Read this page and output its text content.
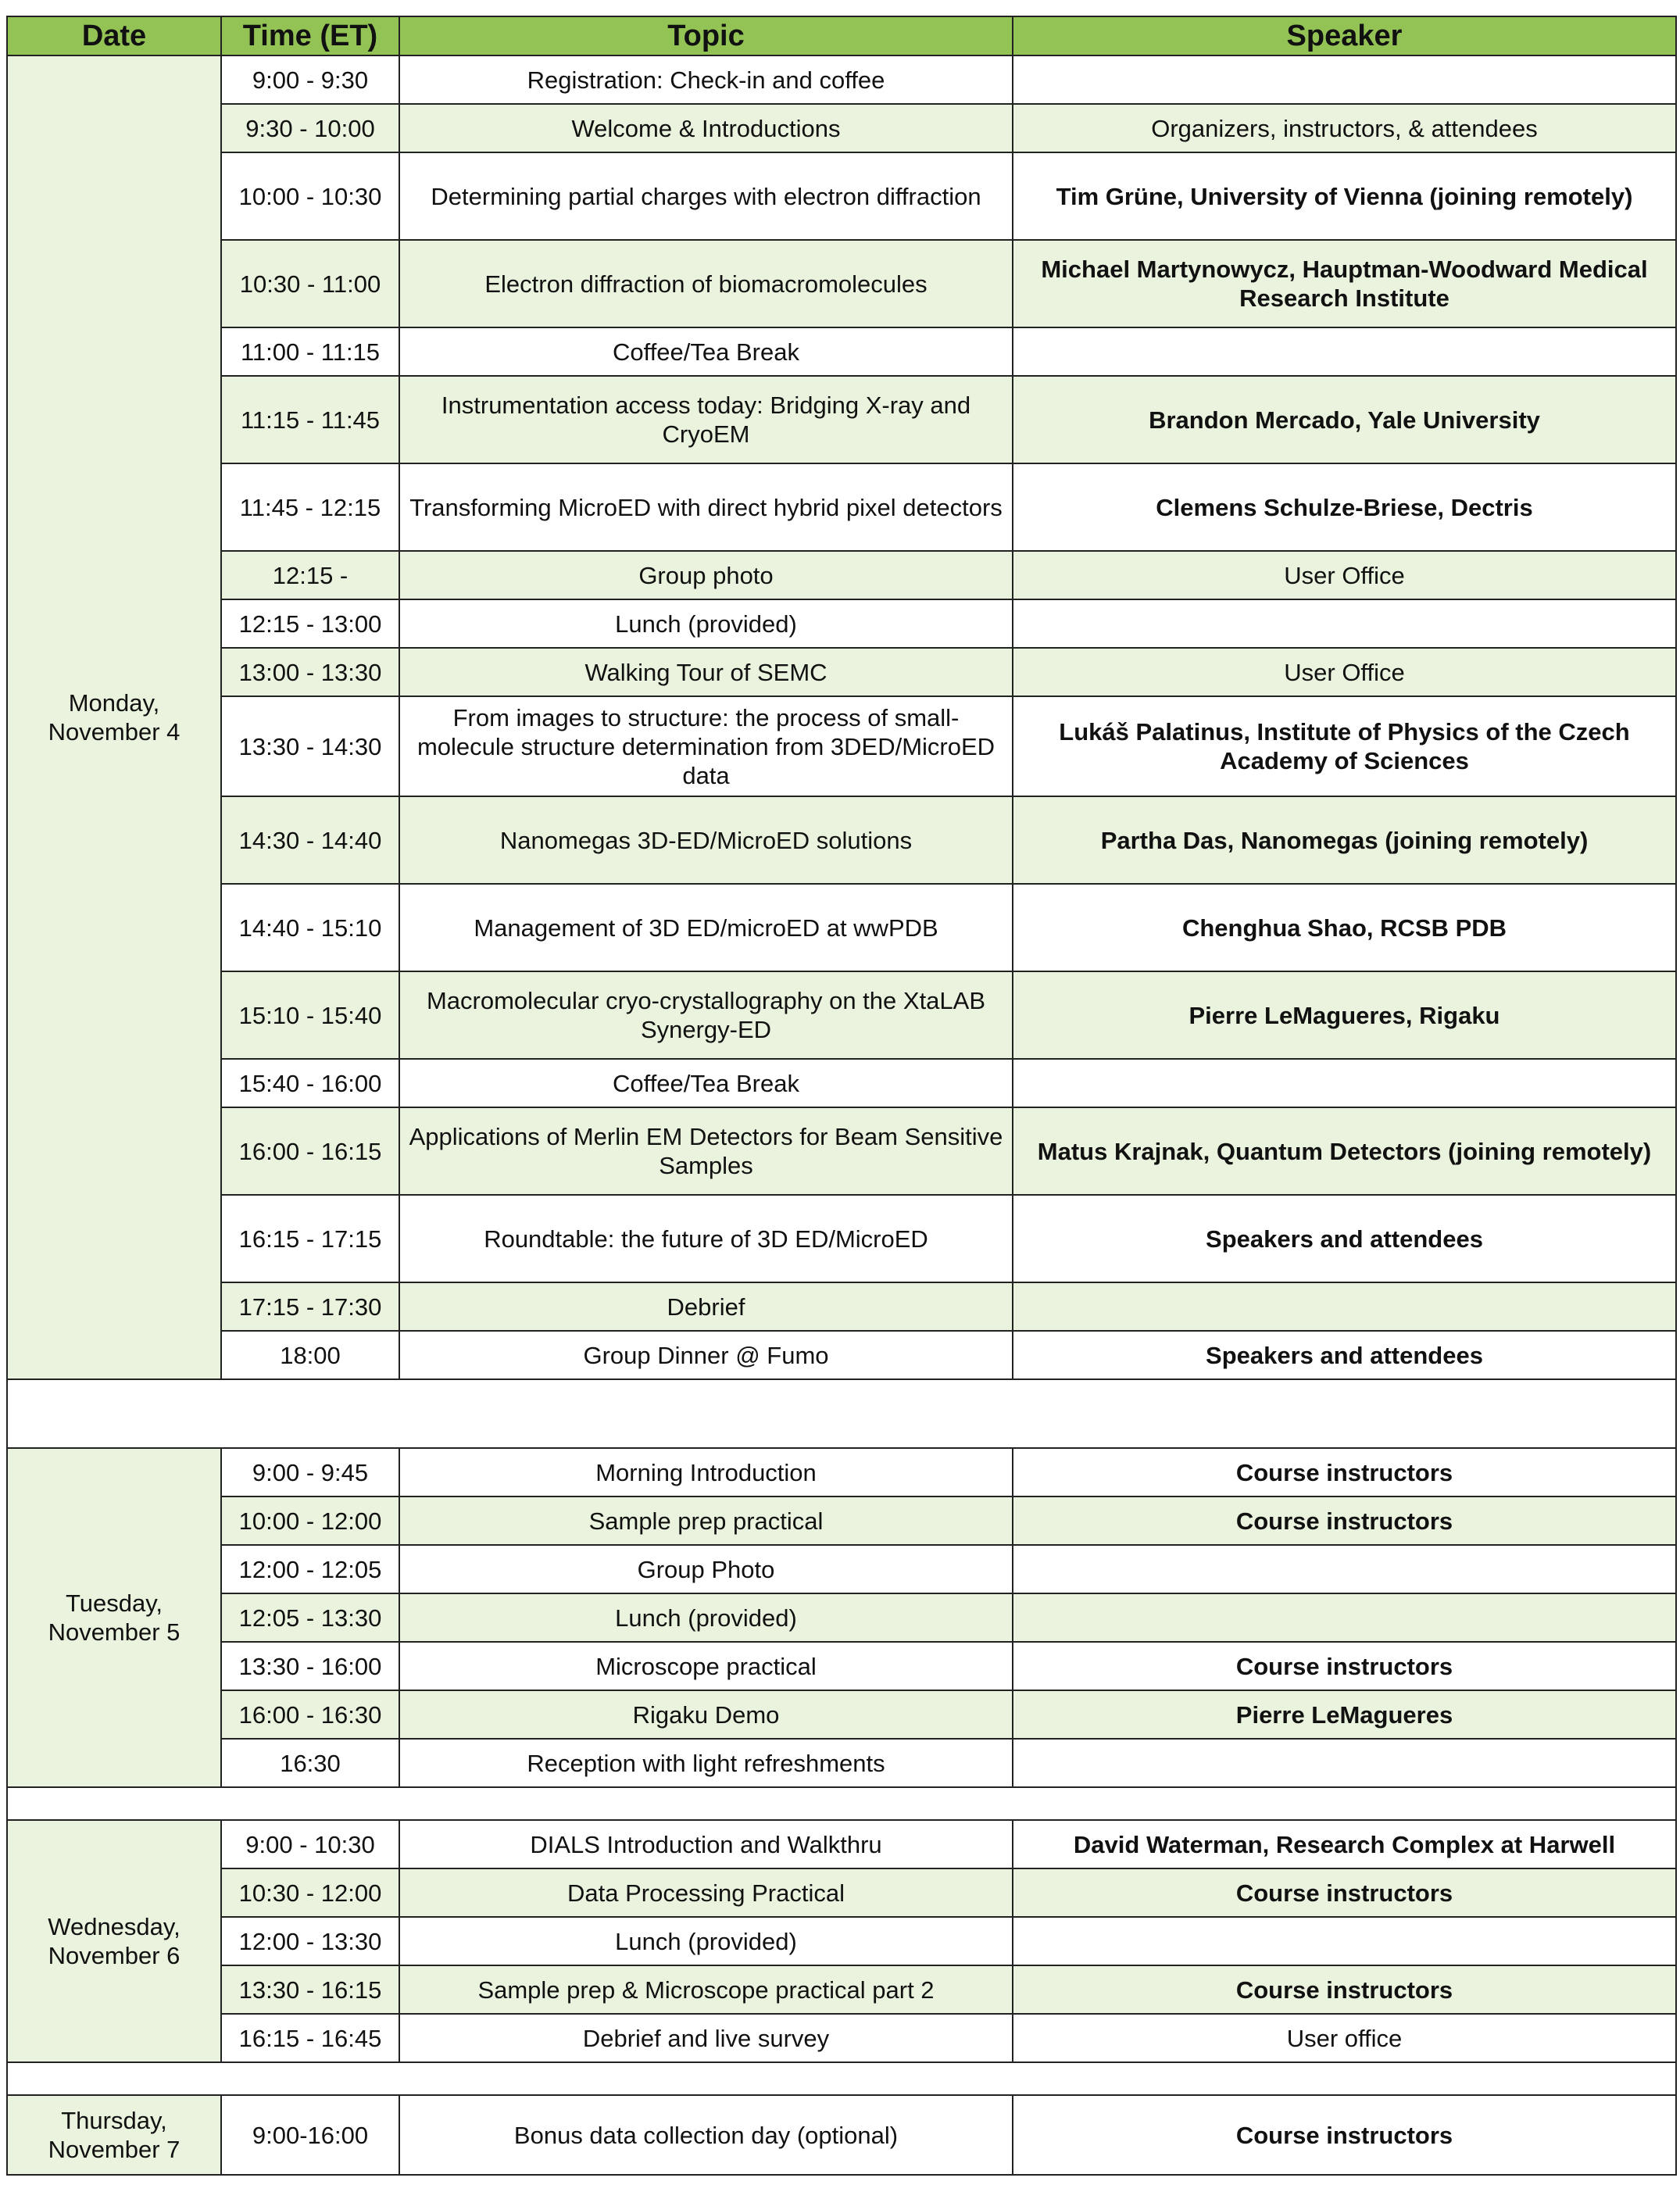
Date	Time (ET)	Topic	Speaker

Monday,
November 4	9:00 - 9:30	Registration: Check-in and coffee	
	9:30 - 10:00	Welcome & Introductions	Organizers, instructors, & attendees
	10:00 - 10:30	Determining partial charges with electron diffraction	Tim Grüne, University of Vienna (joining remotely)
	10:30 - 11:00	Electron diffraction of biomacromolecules	Michael Martynowycz, Hauptman-Woodward Medical Research Institute
	11:00 - 11:15	Coffee/Tea Break	
	11:15 - 11:45	Instrumentation access today: Bridging X-ray and CryoEM	Brandon Mercado, Yale University
	11:45 - 12:15	Transforming MicroED with direct hybrid pixel detectors	Clemens Schulze-Briese, Dectris
	12:15 -	Group photo	User Office
	12:15 - 13:00	Lunch (provided)	
	13:00 - 13:30	Walking Tour of SEMC	User Office
	13:30 - 14:30	From images to structure: the process of small-molecule structure determination from 3DED/MicroED data	Lukáš Palatinus, Institute of Physics of the Czech Academy of Sciences
	14:30 - 14:40	Nanomegas 3D-ED/MicroED solutions	Partha Das, Nanomegas (joining remotely)
	14:40 - 15:10	Management of 3D ED/microED at wwPDB	Chenghua Shao, RCSB PDB
	15:10 - 15:40	Macromolecular cryo-crystallography on the XtaLAB Synergy-ED	Pierre LeMagueres, Rigaku
	15:40 - 16:00	Coffee/Tea Break	
	16:00 - 16:15	Applications of Merlin EM Detectors for Beam Sensitive Samples	Matus Krajnak, Quantum Detectors (joining remotely)
	16:15 - 17:15	Roundtable: the future of 3D ED/MicroED	Speakers and attendees
	17:15 - 17:30	Debrief	
	18:00	Group Dinner @ Fumo	Speakers and attendees

Tuesday,
November 5	9:00 - 9:45	Morning Introduction	Course instructors
	10:00 - 12:00	Sample prep practical	Course instructors
	12:00 - 12:05	Group Photo	
	12:05 - 13:30	Lunch (provided)	
	13:30 - 16:00	Microscope practical	Course instructors
	16:00 - 16:30	Rigaku Demo	Pierre LeMagueres
	16:30	Reception with light refreshments	

Wednesday,
November 6	9:00 - 10:30	DIALS Introduction and Walkthru	David Waterman, Research Complex at Harwell
	10:30 - 12:00	Data Processing Practical	Course instructors
	12:00 - 13:30	Lunch (provided)	
	13:30 - 16:15	Sample prep & Microscope practical part 2	Course instructors
	16:15 - 16:45	Debrief and live survey	User office

Thursday,
November 7	9:00-16:00	Bonus data collection day (optional)	Course instructors
